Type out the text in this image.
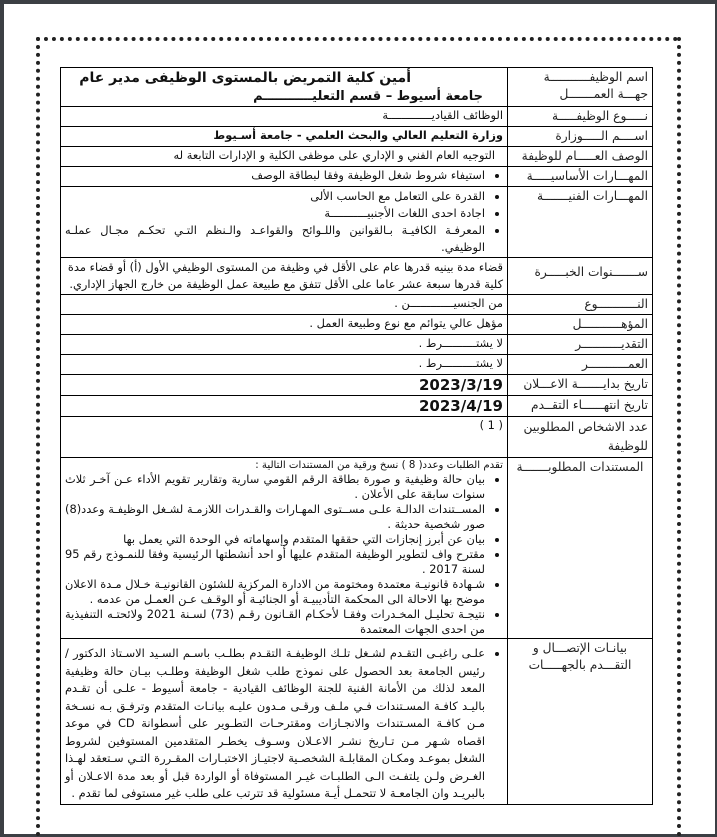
اسم الوظيفـــــــــــة
جهـــة العمـــــــل

أمين كلية التمريض بالمستوى الوظيفى مدير عام
جامعة أسيوط – قسم التعليـــــــــــم

نـــــوع الوظيفـــــة	الوظائف القياديـــــــــــــة
اســــم الـــــوزارة	وزارة التعليم العالي والبحث العلمي - جامعة أسـيوط
الوصف العـــــام للوظيفة	التوجيه العام الفني و الإداري على موظفى الكلية و الإدارات التابعة له
المهـــارات الأساسيـــــة	
• استيفاء شروط شغل الوظيفة وفقا لبطاقة الوصف

المهـــارات الفنيـــــــة	
• القدرة على التعامل مع الحاسب الألى
• اجادة احدى اللغات الأجنبيـــــــــــة
• المعرفـة الكافيـة بـالقوانين واللـوائح والقواعـد والـنظم التـي تحكـم مجـال عملـه الوظيفي.

ســـــــنوات الخبـــــرة	قضاء مدة بينيه قدرها عام على الأقل في وظيفة من المستوى الوظيفي الأول (أ) أو قضاء مدة كلية قدرها سبعة عشر عاما على الأقل تتفق مع طبيعة عمل الوظيفة من خارج الجهاز الإداري.
النـــــــــــوع	من الجنسيـــــــــــــن .
المؤهـــــــــــل	مؤهل عالي يتوائم مع نوع وطبيعة العمل .
التقديـــــــــــر	لا يشتــــــــــرط .
العمـــــــــــر	لا يشتــــــــــرط .
تاريخ بدايـــــــة الاعـــلان	2023/3/19
تاريخ انتهــــــاء التقــدم	2023/4/19
عدد الاشخاص المطلوبين للوظيفة	( 1 )
المستندات المطلوبـــــــة	
تقدم الطلبات وعدد( 8 ) نسخ ورقية من المستندات التالية :
• بيان حالة وظيفية و صورة بطاقة الرقم القومي سارية وتقارير تقويم الأداء عـن آخـر ثلاث سنوات سابقة على الأعلان .
• المســتندات الدالـة علـى مســتوى المهـارات والقـدرات اللازمـة لشـغل الوظيفـة وعدد(8) صور شخصية حديثة .
• بيان عن أبرز إنجازات التي حققها المتقدم وإسهاماته في الوحدة التي يعمل بها
• مقترح واف لتطوير الوظيفة المتقدم عليها أو احد أنشطتها الرئيسية وفقا للنمـوذج رقم 95 لسنة 2017 .
• شـهادة قانونيـة معتمدة ومختومة من الادارة المركزية للشئون القانونيـة خـلال مـدة الاعلان موضح بها الاحالة الى المحكمة التأديبيـة أو الجنائيـة أو الوقـف عـن العمـل من عدمه .
• نتيجـة تحليـل المخـدرات وفقـا لأحكـام القـانون رقـم (73) لسـنة 2021 ولائحتـه التنفيذية من احدى الجهات المعتمدة

بيانـات الإتصـــال و التقـــدم بالجهـــــات	
• علـى راغبـى التقـدم لشـغل تلـك الوظيفـة التقـدم بطلـب باسـم السـيد الاسـتاذ الدكتور / رئيس الجامعة بعد الحصول على نموذج طلب شغل الوظيفة وطلـب بيـان حالة وظيفية المعد لذلك من الأمانة الفنية للجنة الوظائف القيادية - جامعة أسيوط - علـى أن تقـدم باليـد كافـة المسـتندات فـي ملـف ورقـى مـدون عليـه بيانـات المتقدم وترفـق بـه نسـخة مـن كافـة المسـتندات والانجـازات ومقترحـات التطـوير على أسطوانة CD في موعد اقصاه شـهر مـن تـاريخ نشـر الاعـلان وسـوف يخطـر المتقدمين المستوفين لشروط الشغل بموعـد ومكـان المقابلـة الشخصـية لاجتيـاز الاختبـارات المقـررة التـي سـتعقد لهـذا الغـرض ولـن يلتفـت الـى الطلبـات غيـر المستوفاة أو الواردة قبل أو بعد مدة الاعـلان أو بالبريـد وان الجامعـة لا تتحمـل أيـة مسئولية قد تترتب على طلب غير مستوفى لما تقدم .
